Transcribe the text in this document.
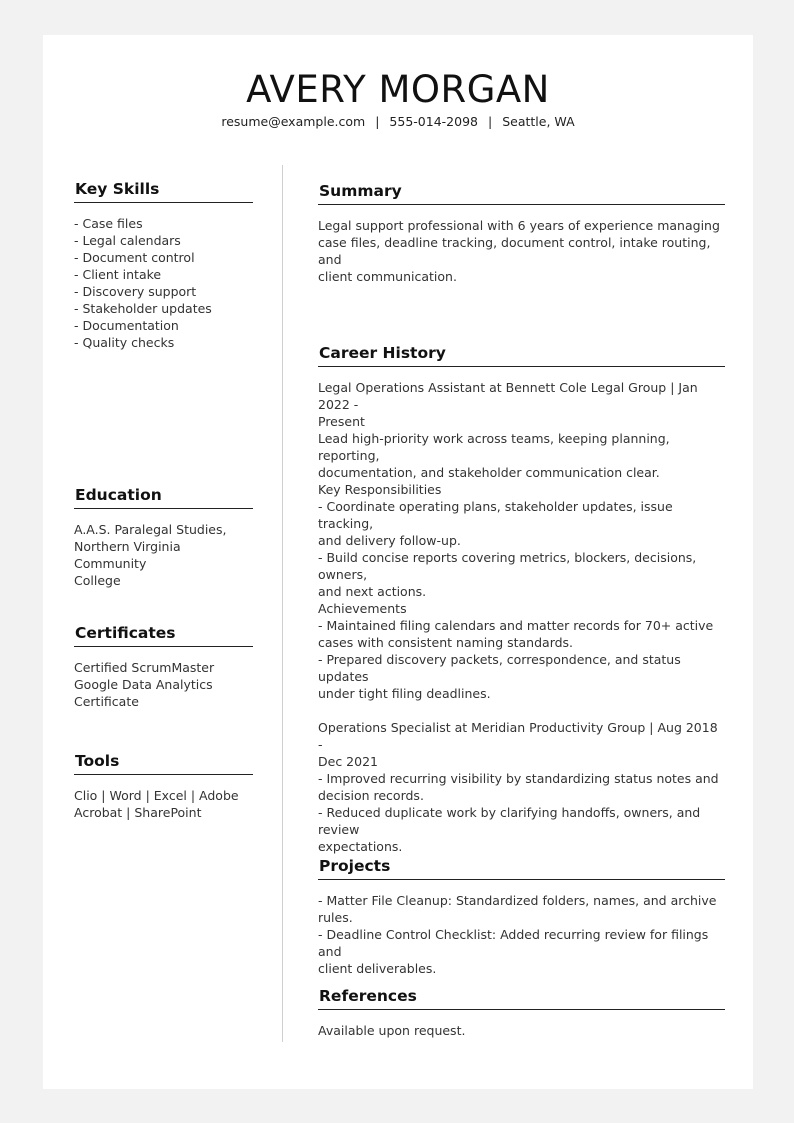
AVERY MORGAN
resume@example.com | 555-014-2098 | Seattle, WA
Key Skills
- Case files
- Legal calendars
- Document control
- Client intake
- Discovery support
- Stakeholder updates
- Documentation
- Quality checks
Education
A.A.S. Paralegal Studies,
Northern Virginia Community
College
Certificates
Certified ScrumMaster
Google Data Analytics
Certificate
Tools
Clio | Word | Excel | Adobe
Acrobat | SharePoint
Summary
Legal support professional with 6 years of experience managing
case files, deadline tracking, document control, intake routing, and
client communication.
Career History
Legal Operations Assistant at Bennett Cole Legal Group | Jan 2022 -
Present
Lead high-priority work across teams, keeping planning, reporting,
documentation, and stakeholder communication clear.
Key Responsibilities
- Coordinate operating plans, stakeholder updates, issue tracking,
and delivery follow-up.
- Build concise reports covering metrics, blockers, decisions, owners,
and next actions.
Achievements
- Maintained filing calendars and matter records for 70+ active
cases with consistent naming standards.
- Prepared discovery packets, correspondence, and status updates
under tight filing deadlines.
Operations Specialist at Meridian Productivity Group | Aug 2018 -
Dec 2021
- Improved recurring visibility by standardizing status notes and
decision records.
- Reduced duplicate work by clarifying handoffs, owners, and review
expectations.
Projects
- Matter File Cleanup: Standardized folders, names, and archive
rules.
- Deadline Control Checklist: Added recurring review for filings and
client deliverables.
References
Available upon request.
